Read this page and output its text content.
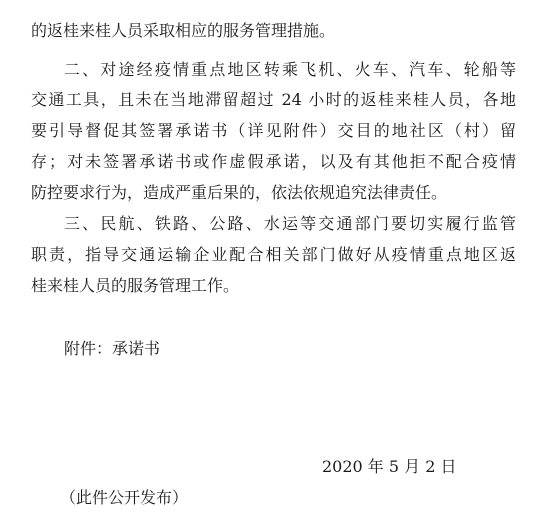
的返桂来桂人员采取相应的服务管理措施。
二、对途经疫情重点地区转乘飞机、火车、汽车、轮船等
交通工具，且未在当地滞留超过 24 小时的返桂来桂人员，各地
要引导督促其签署承诺书（详见附件）交目的地社区（村）留
存；对未签署承诺书或作虚假承诺，以及有其他拒不配合疫情
防控要求行为，造成严重后果的，依法依规追究法律责任。
三、民航、铁路、公路、水运等交通部门要切实履行监管
职责，指导交通运输企业配合相关部门做好从疫情重点地区返
桂来桂人员的服务管理工作。
附件：承诺书
2020 年 5 月 2 日
（此件公开发布）
